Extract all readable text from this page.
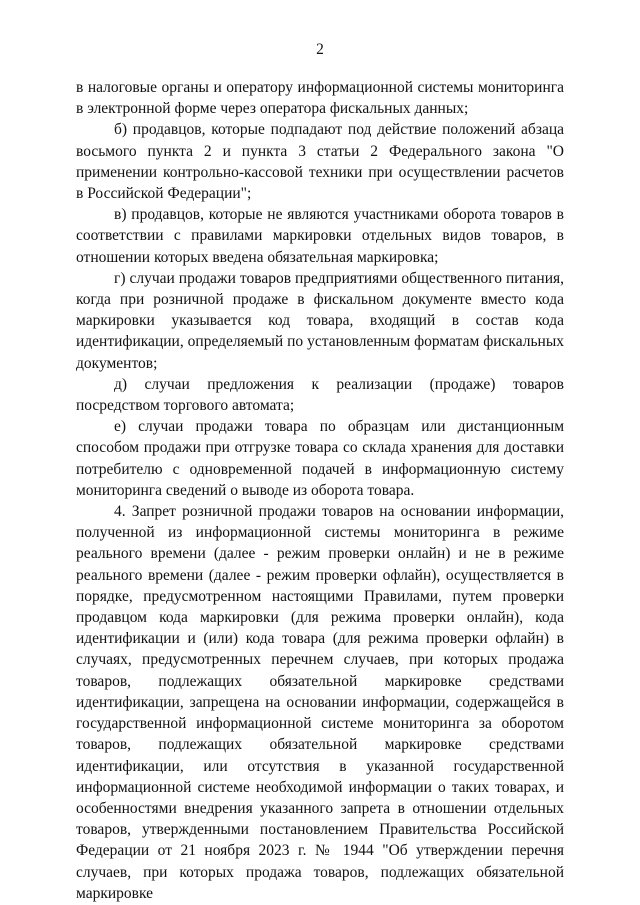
2

в налоговые органы и оператору информационной системы мониторинга в электронной форме через оператора фискальных данных;

б) продавцов, которые подпадают под действие положений абзаца восьмого пункта 2 и пункта 3 статьи 2 Федерального закона "О применении контрольно-кассовой техники при осуществлении расчетов в Российской Федерации";

в) продавцов, которые не являются участниками оборота товаров в соответствии с правилами маркировки отдельных видов товаров, в отношении которых введена обязательная маркировка;

г) случаи продажи товаров предприятиями общественного питания, когда при розничной продаже в фискальном документе вместо кода маркировки указывается код товара, входящий в состав кода идентификации, определяемый по установленным форматам фискальных документов;

д) случаи предложения к реализации (продаже) товаров посредством торгового автомата;

е) случаи продажи товара по образцам или дистанционным способом продажи при отгрузке товара со склада хранения для доставки потребителю с одновременной подачей в информационную систему мониторинга сведений о выводе из оборота товара.

4. Запрет розничной продажи товаров на основании информации, полученной из информационной системы мониторинга в режиме реального времени (далее - режим проверки онлайн) и не в режиме реального времени (далее - режим проверки офлайн), осуществляется в порядке, предусмотренном настоящими Правилами, путем проверки продавцом кода маркировки (для режима проверки онлайн), кода идентификации и (или) кода товара (для режима проверки офлайн) в случаях, предусмотренных перечнем случаев, при которых продажа товаров, подлежащих обязательной маркировке средствами идентификации, запрещена на основании информации, содержащейся в государственной информационной системе мониторинга за оборотом товаров, подлежащих обязательной маркировке средствами идентификации, или отсутствия в указанной государственной информационной системе необходимой информации о таких товарах, и особенностями внедрения указанного запрета в отношении отдельных товаров, утвержденными постановлением Правительства Российской Федерации от 21 ноября 2023 г. № 1944 "Об утверждении перечня случаев, при которых продажа товаров, подлежащих обязательной маркировке
